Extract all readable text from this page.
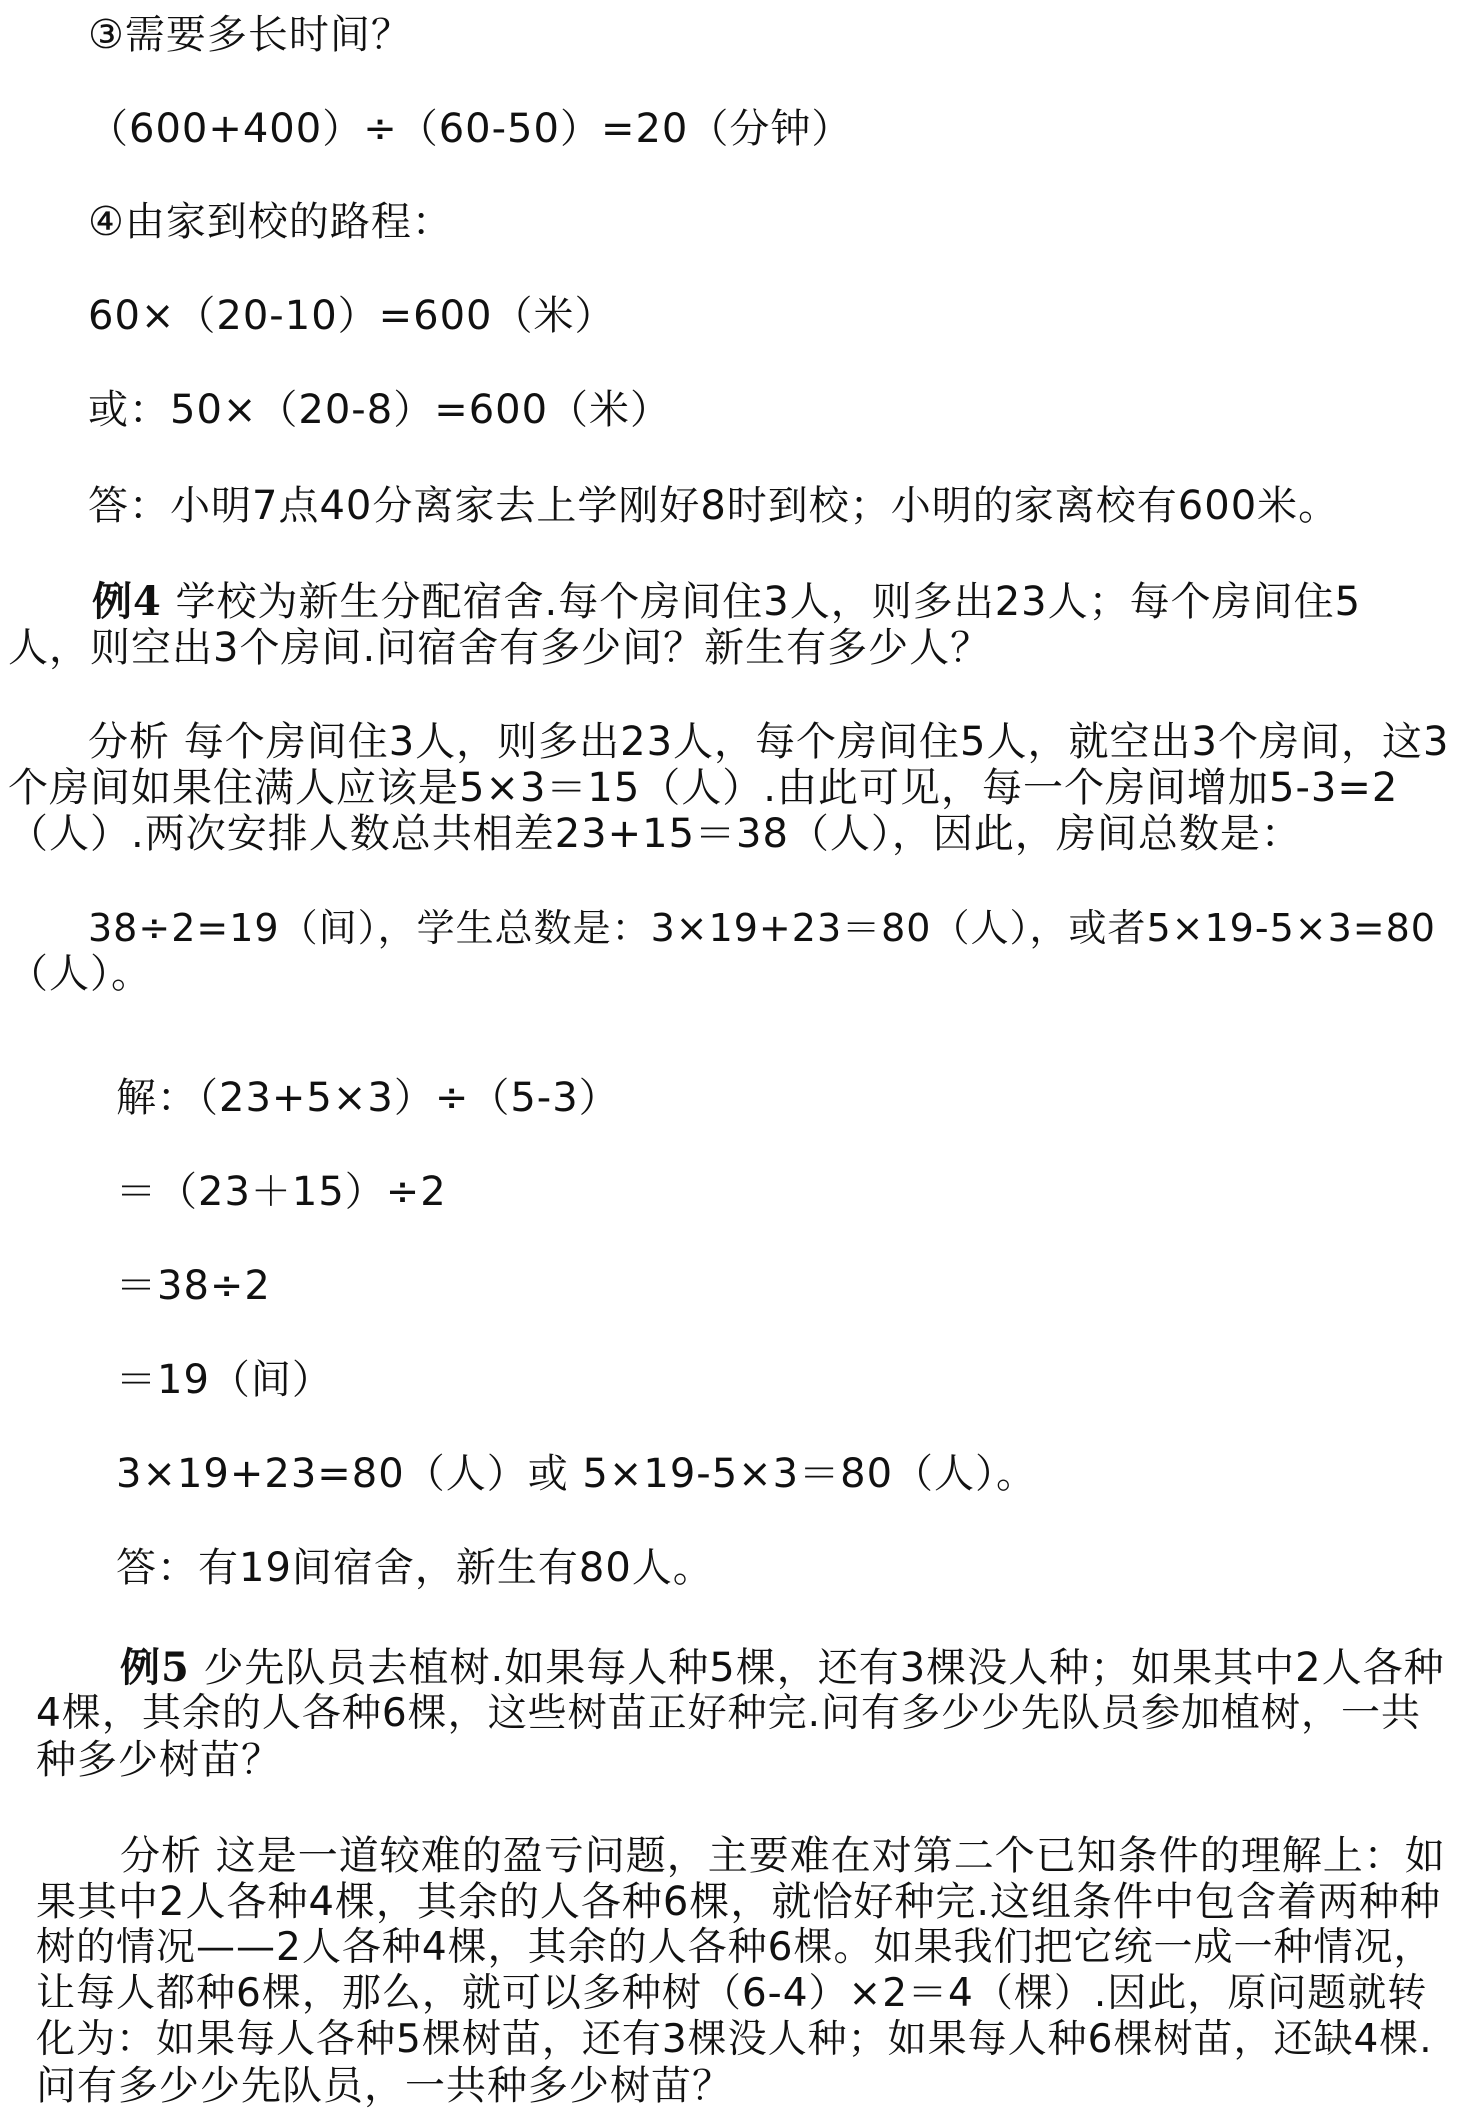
③需要多长时间？
（600+400）÷（60-50）=20（分钟）
④由家到校的路程：
60×（20-10）=600（米）
或：50×（20-8）=600（米）
答：小明7点40分离家去上学刚好8时到校；小明的家离校有600米。
例4 学校为新生分配宿舍.每个房间住3人，则多出23人；每个房间住5
人，则空出3个房间.问宿舍有多少间？新生有多少人？
分析 每个房间住3人，则多出23人，每个房间住5人，就空出3个房间，这3
个房间如果住满人应该是5×3＝15（人）.由此可见，每一个房间增加5-3=2
（人）.两次安排人数总共相差23+15＝38（人），因此，房间总数是：
38÷2=19（间），学生总数是：3×19+23＝80（人），或者5×19-5×3=80
（人）。
解：（23+5×3）÷（5-3）
＝（23＋15）÷2
＝38÷2
＝19（间）
3×19+23=80（人）或 5×19-5×3＝80（人）。
答：有19间宿舍，新生有80人。
例5 少先队员去植树.如果每人种5棵，还有3棵没人种；如果其中2人各种
4棵，其余的人各种6棵，这些树苗正好种完.问有多少少先队员参加植树，一共
种多少树苗？
分析 这是一道较难的盈亏问题，主要难在对第二个已知条件的理解上：如
果其中2人各种4棵，其余的人各种6棵，就恰好种完.这组条件中包含着两种种
树的情况——2人各种4棵，其余的人各种6棵。如果我们把它统一成一种情况，
让每人都种6棵，那么，就可以多种树（6-4）×2＝4（棵）.因此，原问题就转
化为：如果每人各种5棵树苗，还有3棵没人种；如果每人种6棵树苗，还缺4棵.
问有多少少先队员，一共种多少树苗？
